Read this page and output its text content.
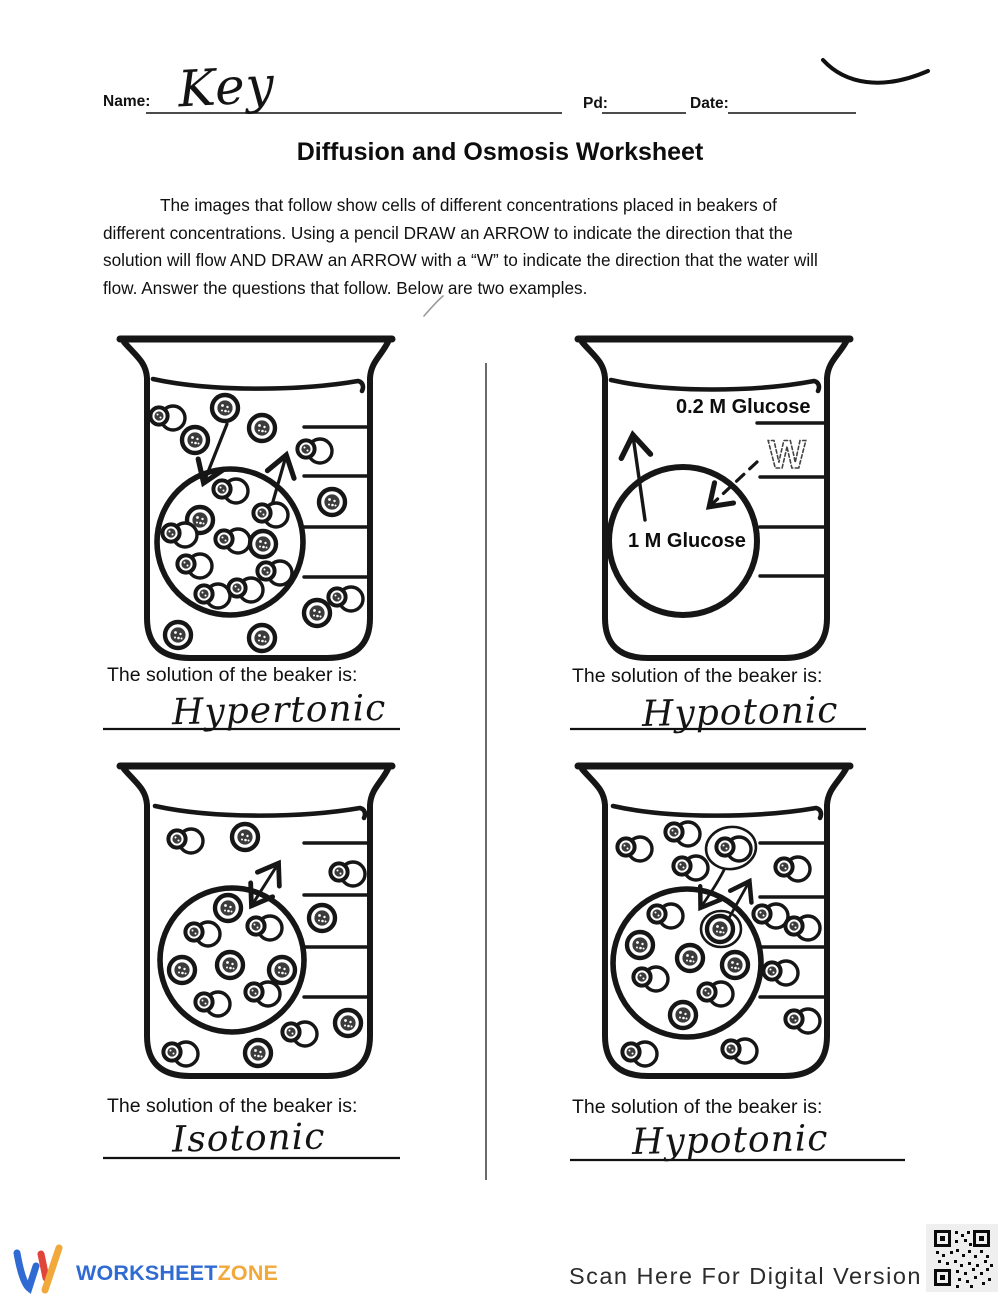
W
Name: Key	Pd:	Date:
Diffusion and Osmosis Worksheet
The images that follow show cells of different concentrations placed in beakers of
different concentrations. Using a pencil DRAW an ARROW to indicate the direction that the
solution will flow AND DRAW an ARROW with a “W” to indicate the direction that the water will
flow. Answer the questions that follow. Below are two examples.
0.2 M Glucose
1 M Glucose
The solution of the beaker is:
Hypertonic
The solution of the beaker is:
Hypotonic
The solution of the beaker is:
Isotonic
The solution of the beaker is:
Hypotonic
WORKSHEET ZONE	Scan Here For Digital Version
